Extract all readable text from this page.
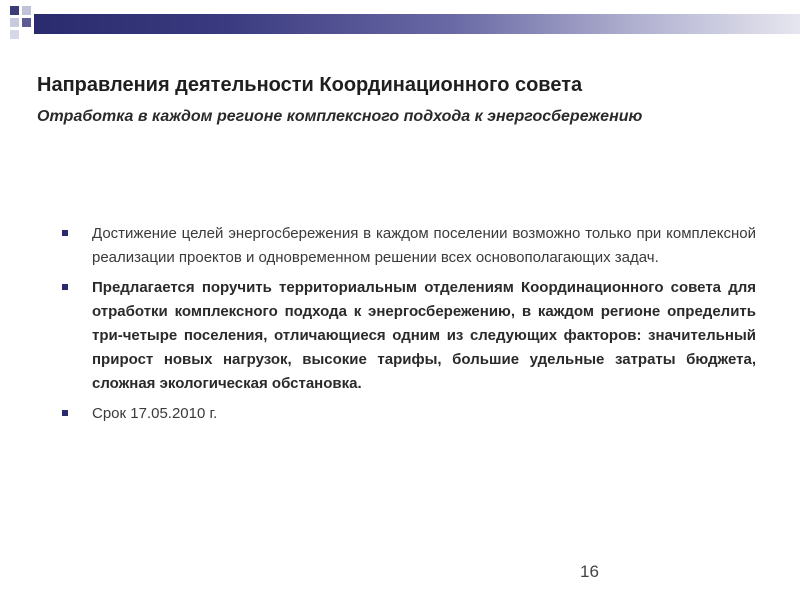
Направления деятельности Координационного совета
Отработка в каждом регионе комплексного подхода к энергосбережению
Достижение целей энергосбережения в каждом поселении возможно только при комплексной реализации проектов и одновременном решении всех основополагающих задач.
Предлагается поручить территориальным отделениям Координационного совета для отработки комплексного подхода к энергосбережению, в каждом регионе определить три-четыре поселения, отличающиеся одним из следующих факторов: значительный прирост новых нагрузок, высокие тарифы, большие удельные затраты бюджета, сложная экологическая обстановка.
Срок 17.05.2010 г.
16
